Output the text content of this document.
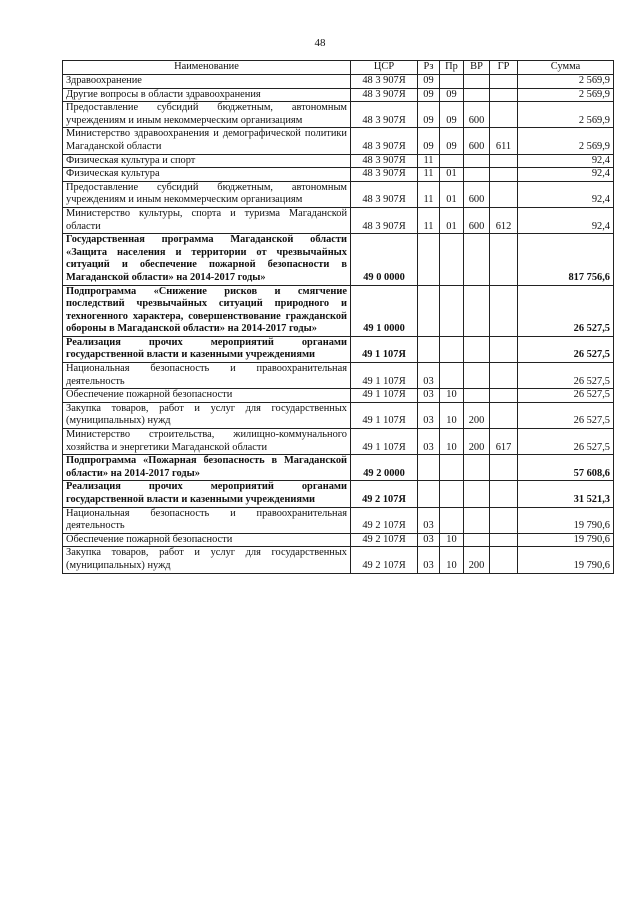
48
Наименование	ЦСР	Рз	Пр	ВР	ГР	Сумма
Здравоохранение	48 3 907Я	09				2 569,9
Другие вопросы в области здравоохранения	48 3 907Я	09	09			2 569,9
Предоставление субсидий бюджетным, автономным учреждениям и иным некоммерческим организациям	48 3 907Я	09	09	600		2 569,9
Министерство здравоохранения и демографической политики Магаданской области	48 3 907Я	09	09	600	611	2 569,9
Физическая культура и спорт	48 3 907Я	11				92,4
Физическая культура	48 3 907Я	11	01			92,4
Предоставление субсидий бюджетным, автономным учреждениям и иным некоммерческим организациям	48 3 907Я	11	01	600		92,4
Министерство культуры, спорта и туризма Магаданской области	48 3 907Я	11	01	600	612	92,4
Государственная программа Магаданской области «Защита населения и территории от чрезвычайных ситуаций и обеспечение пожарной безопасности в Магаданской области» на 2014-2017 годы»	49 0 0000					817 756,6
Подпрограмма «Снижение рисков и смягчение последствий чрезвычайных ситуаций природного и техногенного характера, совершенствование гражданской обороны в Магаданской области» на 2014-2017 годы»	49 1 0000					26 527,5
Реализация прочих мероприятий органами государственной власти и казенными учреждениями	49 1 107Я					26 527,5
Национальная безопасность и правоохранительная деятельность	49 1 107Я	03				26 527,5
Обеспечение пожарной безопасности	49 1 107Я	03	10			26 527,5
Закупка товаров, работ и услуг для государственных (муниципальных) нужд	49 1 107Я	03	10	200		26 527,5
Министерство строительства, жилищно-коммунального хозяйства и энергетики Магаданской области	49 1 107Я	03	10	200	617	26 527,5
Подпрограмма «Пожарная безопасность в Магаданской области» на 2014-2017 годы»	49 2 0000					57 608,6
Реализация прочих мероприятий органами государственной власти и казенными учреждениями	49 2 107Я					31 521,3
Национальная безопасность и правоохранительная деятельность	49 2 107Я	03				19 790,6
Обеспечение пожарной безопасности	49 2 107Я	03	10			19 790,6
Закупка товаров, работ и услуг для государственных (муниципальных) нужд	49 2 107Я	03	10	200		19 790,6
